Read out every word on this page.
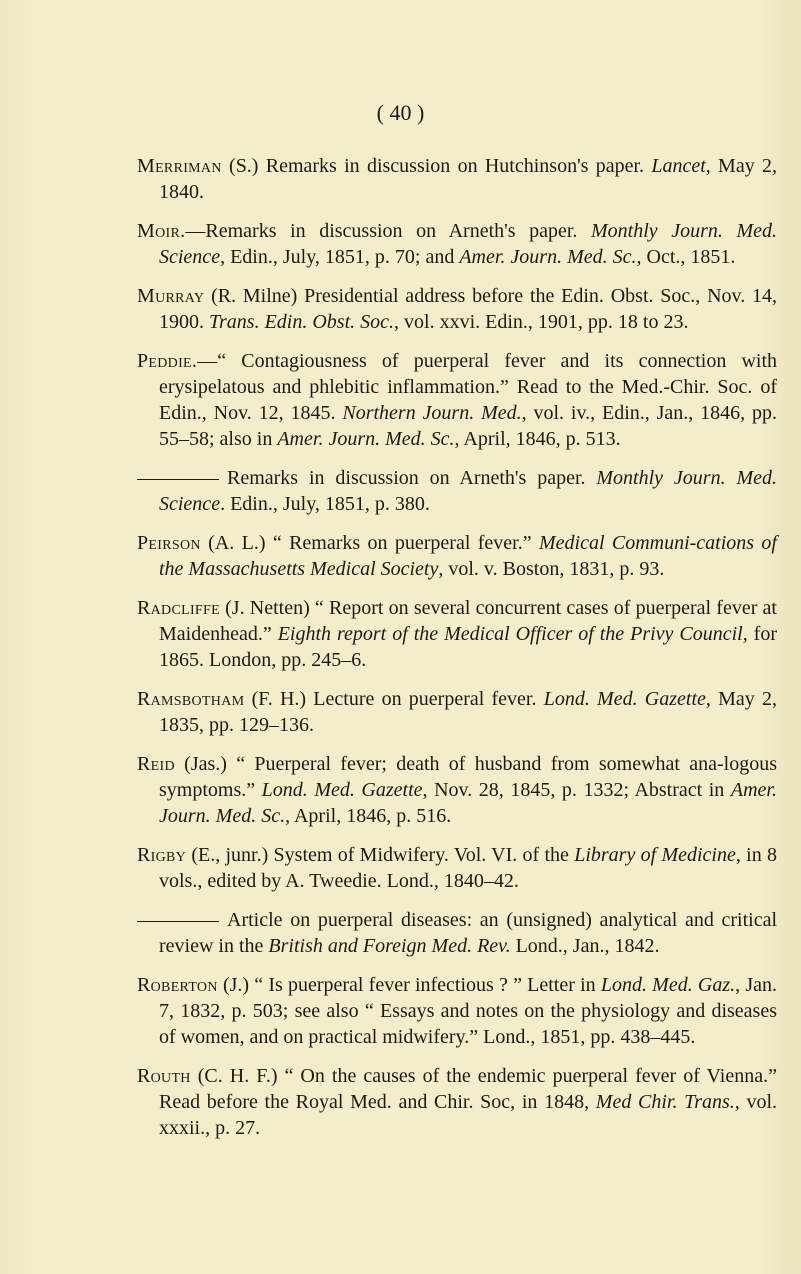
( 40 )

Merriman (S.) Remarks in discussion on Hutchinson's paper. Lancet, May 2, 1840.

Moir.—Remarks in discussion on Arneth's paper. Monthly Journ. Med. Science, Edin., July, 1851, p. 70; and Amer. Journ. Med. Sc., Oct., 1851.

Murray (R. Milne) Presidential address before the Edin. Obst. Soc., Nov. 14, 1900. Trans. Edin. Obst. Soc., vol. xxvi. Edin., 1901, pp. 18 to 23.

Peddie.—“ Contagiousness of puerperal fever and its connection with erysipelatous and phlebitic inflammation.” Read to the Med.-Chir. Soc. of Edin., Nov. 12, 1845. Northern Journ. Med., vol. iv., Edin., Jan., 1846, pp. 55–58; also in Amer. Journ. Med. Sc., April, 1846, p. 513.

Remarks in discussion on Arneth's paper. Monthly Journ. Med. Science. Edin., July, 1851, p. 380.

Peirson (A. L.) “ Remarks on puerperal fever.” Medical Communi-cations of the Massachusetts Medical Society, vol. v. Boston, 1831, p. 93.

Radcliffe (J. Netten) “ Report on several concurrent cases of puerperal fever at Maidenhead.” Eighth report of the Medical Officer of the Privy Council, for 1865. London, pp. 245–6.

Ramsbotham (F. H.) Lecture on puerperal fever. Lond. Med. Gazette, May 2, 1835, pp. 129–136.

Reid (Jas.) “ Puerperal fever; death of husband from somewhat ana-logous symptoms.” Lond. Med. Gazette, Nov. 28, 1845, p. 1332; Abstract in Amer. Journ. Med. Sc., April, 1846, p. 516.

Rigby (E., junr.) System of Midwifery. Vol. VI. of the Library of Medicine, in 8 vols., edited by A. Tweedie. Lond., 1840–42.

Article on puerperal diseases: an (unsigned) analytical and critical review in the British and Foreign Med. Rev. Lond., Jan., 1842.

Roberton (J.) “ Is puerperal fever infectious ? ” Letter in Lond. Med. Gaz., Jan. 7, 1832, p. 503; see also “ Essays and notes on the physiology and diseases of women, and on practical midwifery.” Lond., 1851, pp. 438–445.

Routh (C. H. F.) “ On the causes of the endemic puerperal fever of Vienna.” Read before the Royal Med. and Chir. Soc, in 1848, Med Chir. Trans., vol. xxxii., p. 27.
